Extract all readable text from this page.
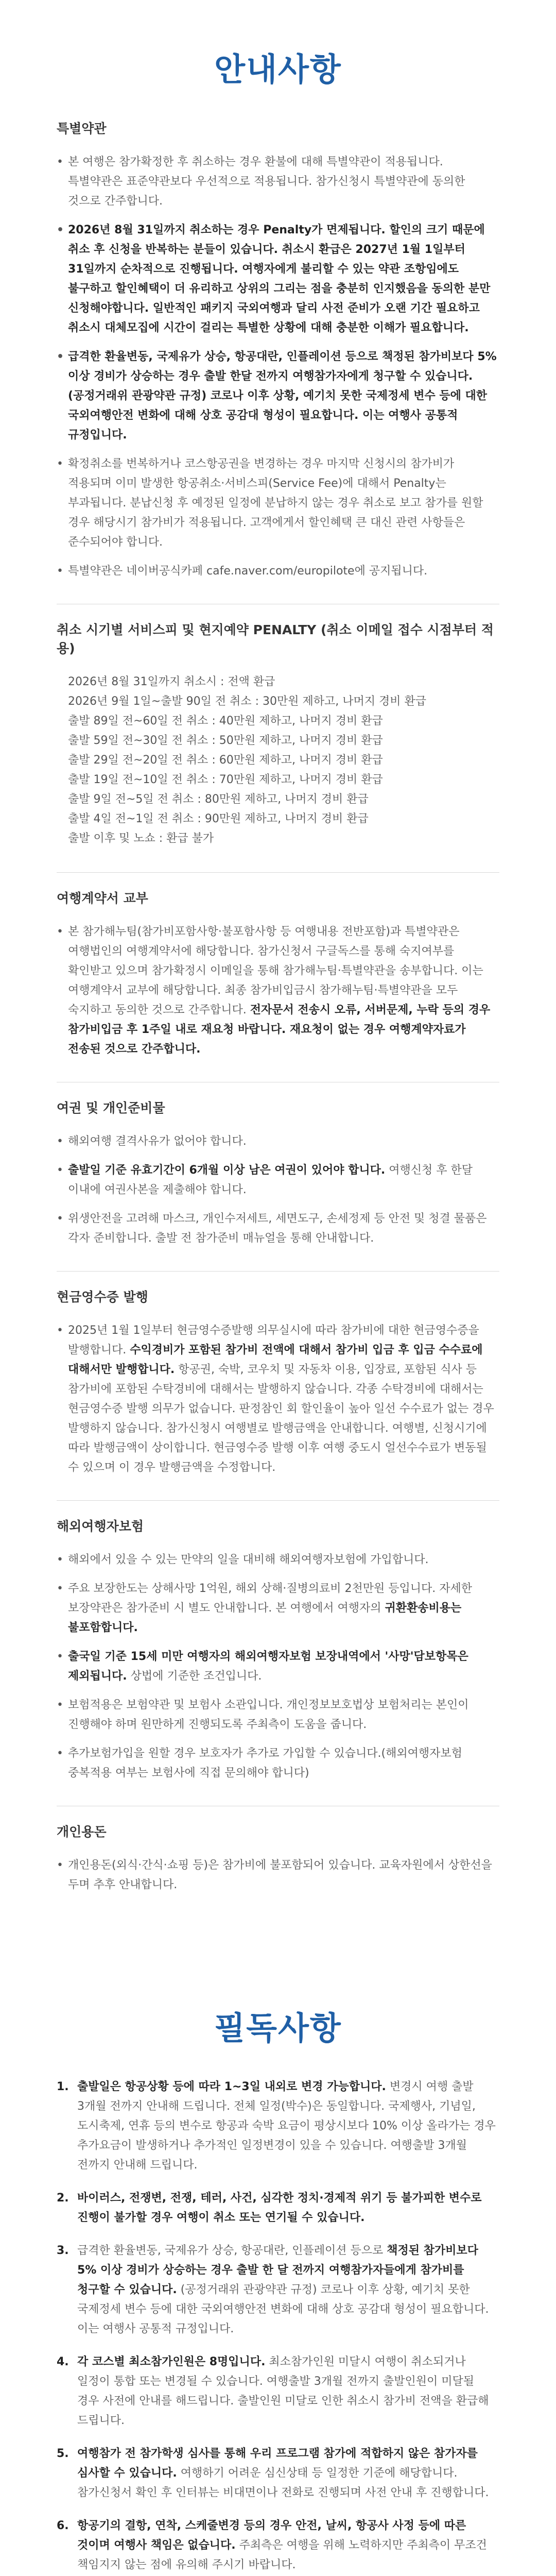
안내사항
특별약관
• 본 여행은 참가확정한 후 취소하는 경우 환불에 대해 특별약관이 적용됩니다. 특별약관은 표준약관보다 우선적으로 적용됩니다. 참가신청시 특별약관에 동의한 것으로 간주합니다.
• 2026년 8월 31일까지 취소하는 경우 Penalty가 면제됩니다. 할인의 크기 때문에 취소 후 신청을 반복하는 분들이 있습니다. 취소시 환급은 2027년 1월 1일부터 31일까지 순차적으로 진행됩니다. 여행자에게 불리할 수 있는 약관 조항임에도 불구하고 할인혜택이 더 유리하고 상위의 그리는 점을 충분히 인지했음을 동의한 분만 신청해야합니다. 일반적인 패키지 국외여행과 달리 사전 준비가 오랜 기간 필요하고 취소시 대체모집에 시간이 걸리는 특별한 상황에 대해 충분한 이해가 필요합니다.
• 급격한 환율변동, 국제유가 상승, 항공대란, 인플레이션 등으로 책정된 참가비보다 5% 이상 경비가 상승하는 경우 출발 한달 전까지 여행참가자에게 청구할 수 있습니다.(공정거래위 관광약관 규정) 코로나 이후 상황, 예기치 못한 국제정세 변수 등에 대한 국외여행안전 변화에 대해 상호 공감대 형성이 필요합니다. 이는 여행사 공통적 규정입니다.
• 확정취소를 번복하거나 코스항공권을 변경하는 경우 마지막 신청시의 참가비가 적용되며 이미 발생한 항공취소·서비스피(Service Fee)에 대해서 Penalty는 부과됩니다. 분납신청 후 예정된 일정에 분납하지 않는 경우 취소로 보고 참가를 원할 경우 해당시기 참가비가 적용됩니다. 고객에게서 할인혜택 큰 대신 관련 사항들은 준수되어야 합니다.
• 특별약관은 네이버공식카페 cafe.naver.com/europilote에 공지됩니다.
취소 시기별 서비스피 및 현지예약 PENALTY (취소 이메일 접수 시점부터 적용)
2026년 8월 31일까지 취소시 : 전액 환급
2026년 9월 1일~출발 90일 전 취소 : 30만원 제하고, 나머지 경비 환급
출발 89일 전~60일 전 취소 : 40만원 제하고, 나머지 경비 환급
출발 59일 전~30일 전 취소 : 50만원 제하고, 나머지 경비 환급
출발 29일 전~20일 전 취소 : 60만원 제하고, 나머지 경비 환급
출발 19일 전~10일 전 취소 : 70만원 제하고, 나머지 경비 환급
출발 9일 전~5일 전 취소 : 80만원 제하고, 나머지 경비 환급
출발 4일 전~1일 전 취소 : 90만원 제하고, 나머지 경비 환급
출발 이후 및 노쇼 : 환급 불가
여행계약서 교부
• 본 참가해누팀(참가비포함사항·불포함사항 등 여행내용 전반포함)과 특별약관은 여행법인의 여행계약서에 해당합니다. 참가신청서 구글독스를 통해 숙지여부를 확인받고 있으며 참가확정시 이메일을 통해 참가해누팀·특별약관을 송부합니다. 이는 여행계약서 교부에 해당합니다. 최종 참가비입금시 참가해누팀·특별약관을 모두 숙지하고 동의한 것으로 간주합니다. 전자문서 전송시 오류, 서버문제, 누락 등의 경우 참가비입금 후 1주일 내로 재요청 바랍니다. 재요청이 없는 경우 여행계약자료가 전송된 것으로 간주합니다.
여권 및 개인준비물
• 해외여행 결격사유가 없어야 합니다.
• 출발일 기준 유효기간이 6개월 이상 남은 여권이 있어야 합니다. 여행신청 후 한달 이내에 여권사본을 제출해야 합니다.
• 위생안전을 고려해 마스크, 개인수저세트, 세면도구, 손세정제 등 안전 및 청결 물품은 각자 준비합니다. 출발 전 참가준비 매뉴얼을 통해 안내합니다.
현금영수증 발행
• 2025년 1월 1일부터 현금영수증발행 의무실시에 따라 참가비에 대한 현금영수증을 발행합니다. 수익경비가 포함된 참가비 전액에 대해서 참가비 입금 후 입금 수수료에 대해서만 발행합니다. 항공권, 숙박, 코우치 및 자동차 이용, 입장료, 포함된 식사 등 참가비에 포함된 수탁경비에 대해서는 발행하지 않습니다. 각종 수탁경비에 대해서는 현금영수증 발행 의무가 없습니다. 판정참인 회 할인율이 높아 일선 수수료가 없는 경우 발행하지 않습니다. 참가신청시 여행별로 발행금액을 안내합니다. 여행별, 신청시기에 따라 발행금액이 상이합니다. 현금영수증 발행 이후 여행 중도시 얼선수수료가 변동될 수 있으며 이 경우 발행금액을 수정합니다.
해외여행자보험
• 해외에서 있을 수 있는 만약의 일을 대비해 해외여행자보험에 가입합니다.
• 주요 보장한도는 상해사망 1억원, 해외 상해·질병의료비 2천만원 등입니다. 자세한 보장약관은 참가준비 시 별도 안내합니다. 본 여행에서 여행자의 귀환환송비용는 불포함합니다.
• 출국일 기준 15세 미만 여행자의 해외여행자보험 보장내역에서 '사망'담보항목은 제외됩니다. 상법에 기준한 조건입니다.
• 보험적용은 보험약관 및 보험사 소관입니다. 개인정보보호법상 보험처리는 본인이 진행해야 하며 원만하게 진행되도록 주최측이 도움을 줍니다.
• 추가보험가입을 원할 경우 보호자가 추가로 가입할 수 있습니다.(해외여행자보험 중복적용 여부는 보험사에 직접 문의해야 합니다)
개인용돈
• 개인용돈(외식·간식·쇼핑 등)은 참가비에 불포함되어 있습니다. 교육자원에서 상한선을 두며 추후 안내합니다.
필독사항
1. 출발일은 항공상황 등에 따라 1~3일 내외로 변경 가능합니다. 변경시 여행 출발 3개월 전까지 안내해 드립니다. 전체 일정(박수)은 동일합니다. 국제행사, 기념일, 도시축제, 연휴 등의 변수로 항공과 숙박 요금이 평상시보다 10% 이상 올라가는 경우 추가요금이 발생하거나 추가적인 일정변경이 있을 수 있습니다. 여행출발 3개월 전까지 안내해 드립니다.
2. 바이러스, 전쟁변, 전쟁, 테러, 사건, 심각한 정치·경제적 위기 등 불가피한 변수로 진행이 불가할 경우 여행이 취소 또는 연기될 수 있습니다.
3. 급격한 환율변동, 국제유가 상승, 항공대란, 인플레이션 등으로 책정된 참가비보다 5% 이상 경비가 상승하는 경우 출발 한 달 전까지 여행참가자들에게 참가비를 청구할 수 있습니다. (공정거래위 관광약관 규정) 코로나 이후 상황, 예기치 못한 국제정세 변수 등에 대한 국외여행안전 변화에 대해 상호 공감대 형성이 필요합니다. 이는 여행사 공통적 규정입니다.
4. 각 코스별 최소참가인원은 8명입니다. 최소참가인원 미달시 여행이 취소되거나 일정이 통합 또는 변경될 수 있습니다. 여행출발 3개월 전까지 출발인원이 미달될 경우 사전에 안내를 해드립니다. 출발인원 미달로 인한 취소시 참가비 전액을 환급해 드립니다.
5. 여행참가 전 참가학생 심사를 통해 우리 프로그램 참가에 적합하지 않은 참가자를 심사할 수 있습니다. 여행하기 어려운 심신상태 등 일정한 기준에 해당합니다. 참가신청서 확인 후 인터뷰는 비대면이나 전화로 진행되며 사전 안내 후 진행합니다.
6. 항공기의 결항, 연착, 스케줄변경 등의 경우 안전, 날씨, 항공사 사정 등에 따른 것이며 여행사 책임은 없습니다. 주최측은 여행을 위해 노력하지만 주최측이 무조건 책임지지 않는 점에 유의해 주시기 바랍니다.
